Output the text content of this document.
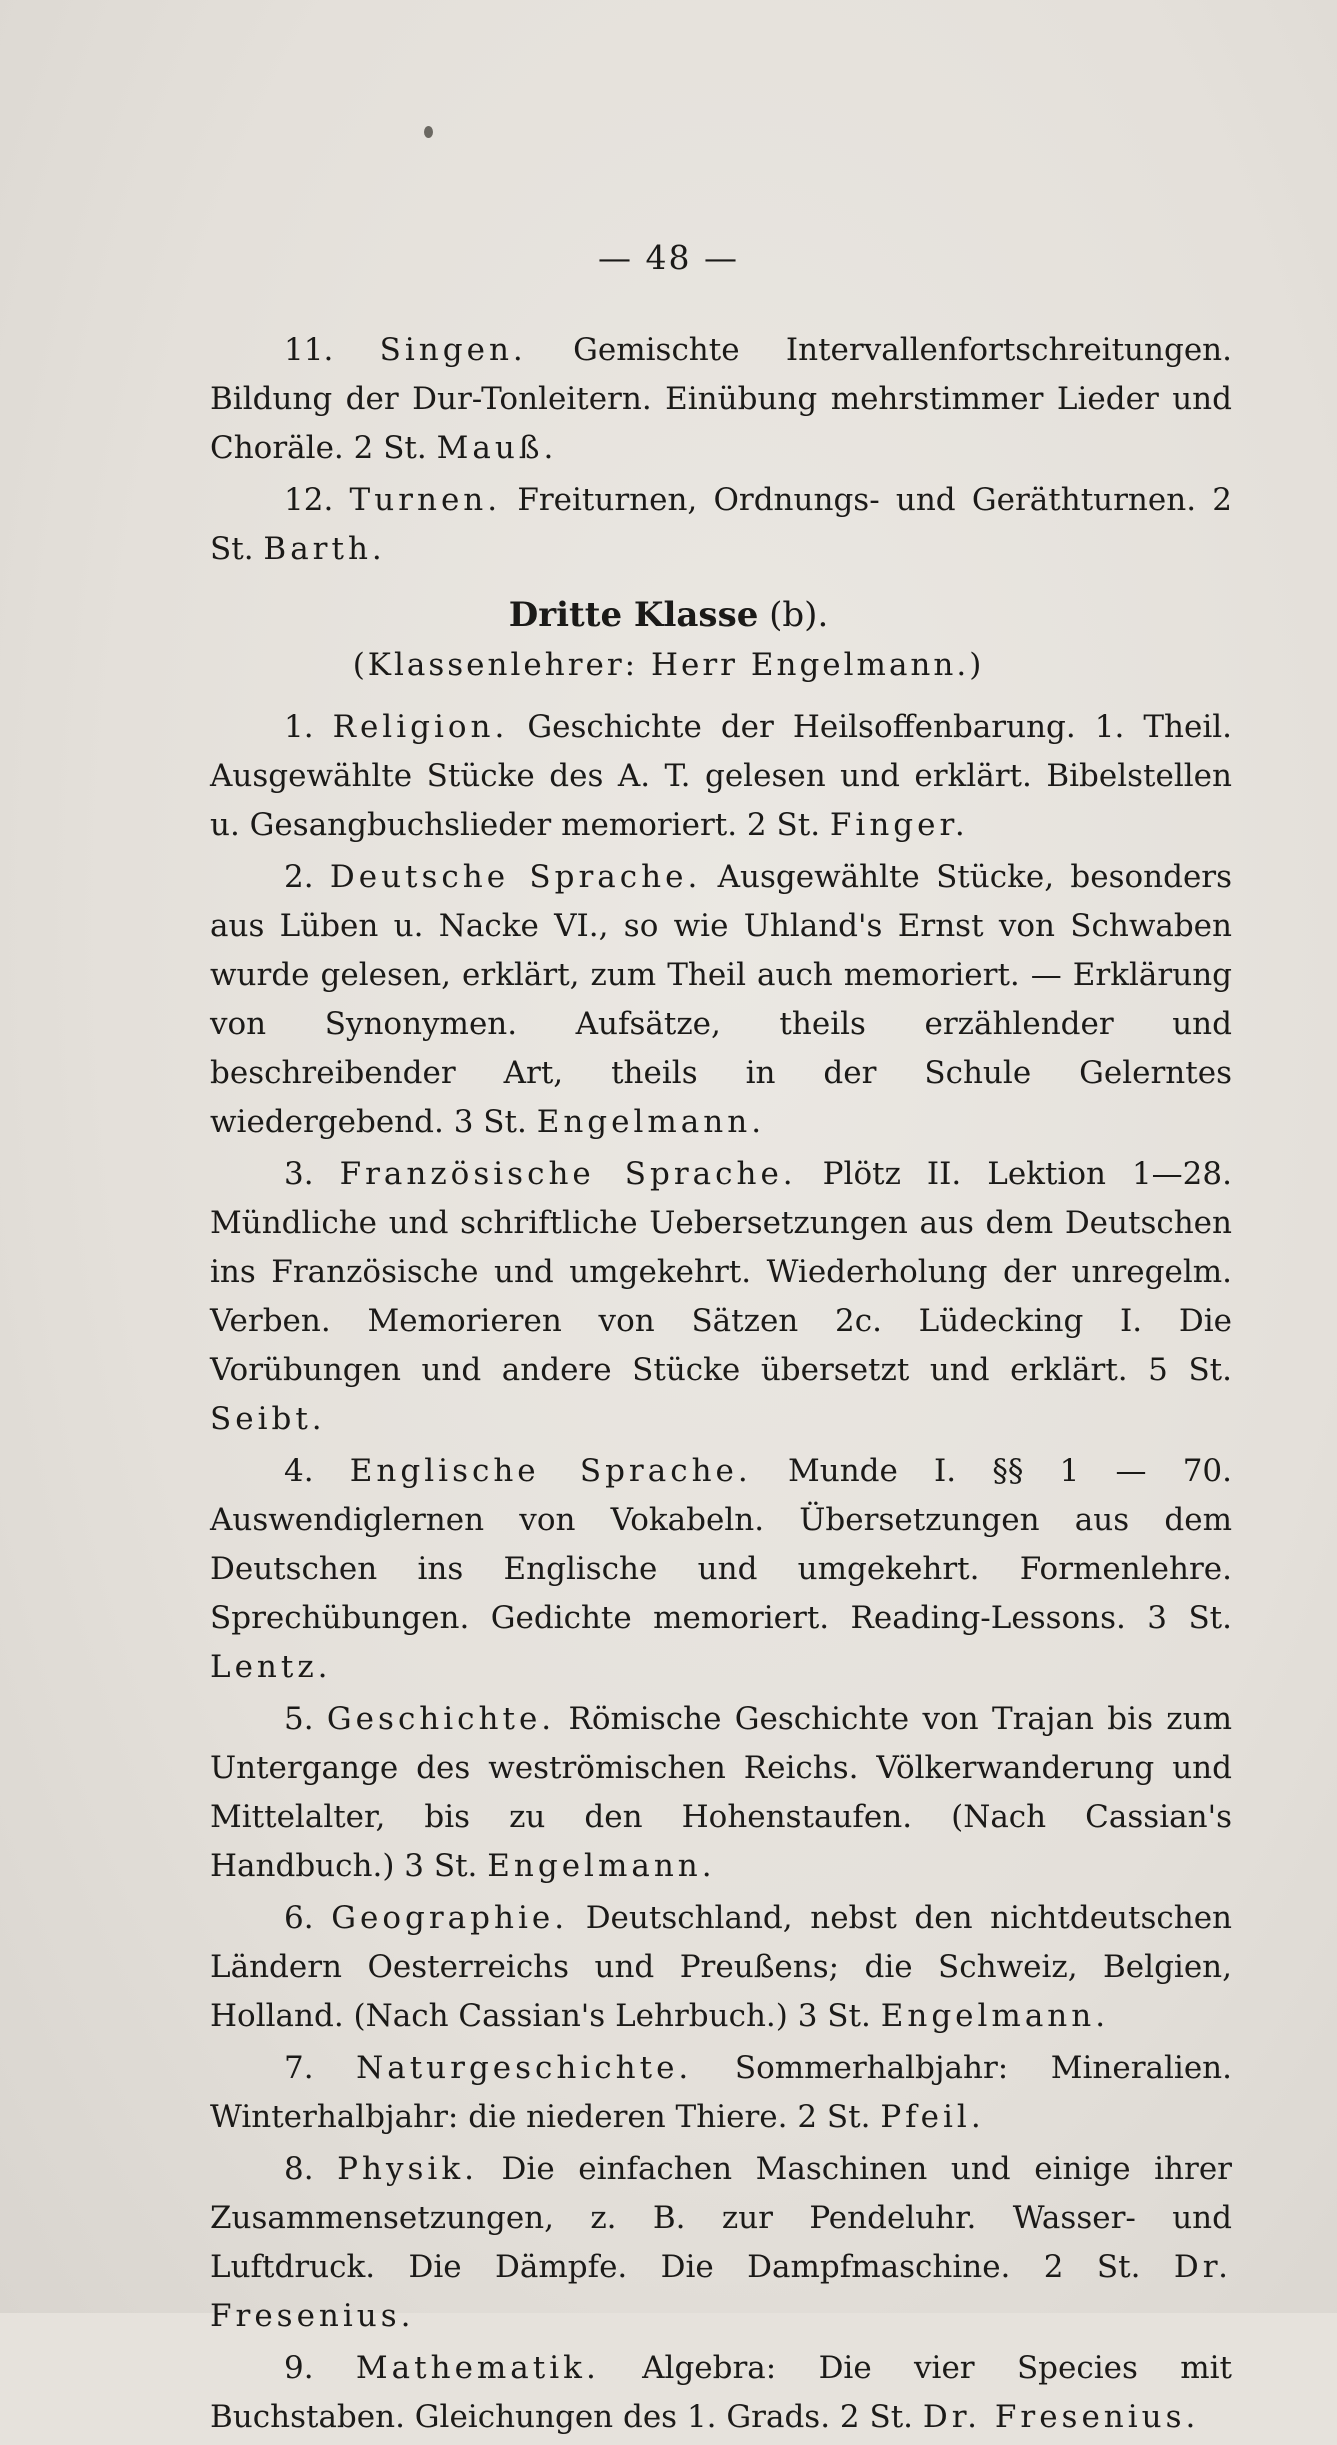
— 48 —

11. Singen. Gemischte Intervallenfortschreitungen. Bildung der Dur-Tonleitern. Einübung mehrstimmer Lieder und Choräle. 2 St. Mauß.

12. Turnen. Freiturnen, Ordnungs- und Geräthturnen. 2 St. Barth.

Dritte Klasse (b).
(Klassenlehrer: Herr Engelmann.)

1. Religion. Geschichte der Heilsoffenbarung. 1. Theil. Ausgewählte Stücke des A. T. gelesen und erklärt. Bibelstellen u. Gesangbuchslieder memoriert. 2 St. Finger.

2. Deutsche Sprache. Ausgewählte Stücke, besonders aus Lüben u. Nacke VI., so wie Uhland's Ernst von Schwaben wurde gelesen, erklärt, zum Theil auch memoriert. — Erklärung von Synonymen. Aufsätze, theils erzählender und beschreibender Art, theils in der Schule Gelerntes wiedergebend. 3 St. Engelmann.

3. Französische Sprache. Plötz II. Lektion 1—28. Mündliche und schriftliche Uebersetzungen aus dem Deutschen ins Französische und umgekehrt. Wiederholung der unregelm. Verben. Memorieren von Sätzen 2c. Lüdecking I. Die Vorübungen und andere Stücke übersetzt und erklärt. 5 St. Seibt.

4. Englische Sprache. Munde I. §§ 1 — 70. Auswendiglernen von Vokabeln. Übersetzungen aus dem Deutschen ins Englische und umgekehrt. Formenlehre. Sprechübungen. Gedichte memoriert. Reading-Lessons. 3 St. Lentz.

5. Geschichte. Römische Geschichte von Trajan bis zum Untergange des weströmischen Reichs. Völkerwanderung und Mittelalter, bis zu den Hohenstaufen. (Nach Cassian's Handbuch.) 3 St. Engelmann.

6. Geographie. Deutschland, nebst den nichtdeutschen Ländern Oesterreichs und Preußens; die Schweiz, Belgien, Holland. (Nach Cassian's Lehrbuch.) 3 St. Engelmann.

7. Naturgeschichte. Sommerhalbjahr: Mineralien. Winterhalbjahr: die niederen Thiere. 2 St. Pfeil.

8. Physik. Die einfachen Maschinen und einige ihrer Zusammensetzungen, z. B. zur Pendeluhr. Wasser- und Luftdruck. Die Dämpfe. Die Dampfmaschine. 2 St. Dr. Fresenius.

9. Mathematik. Algebra: Die vier Species mit Buchstaben. Gleichungen des 1. Grads. 2 St. Dr. Fresenius.
